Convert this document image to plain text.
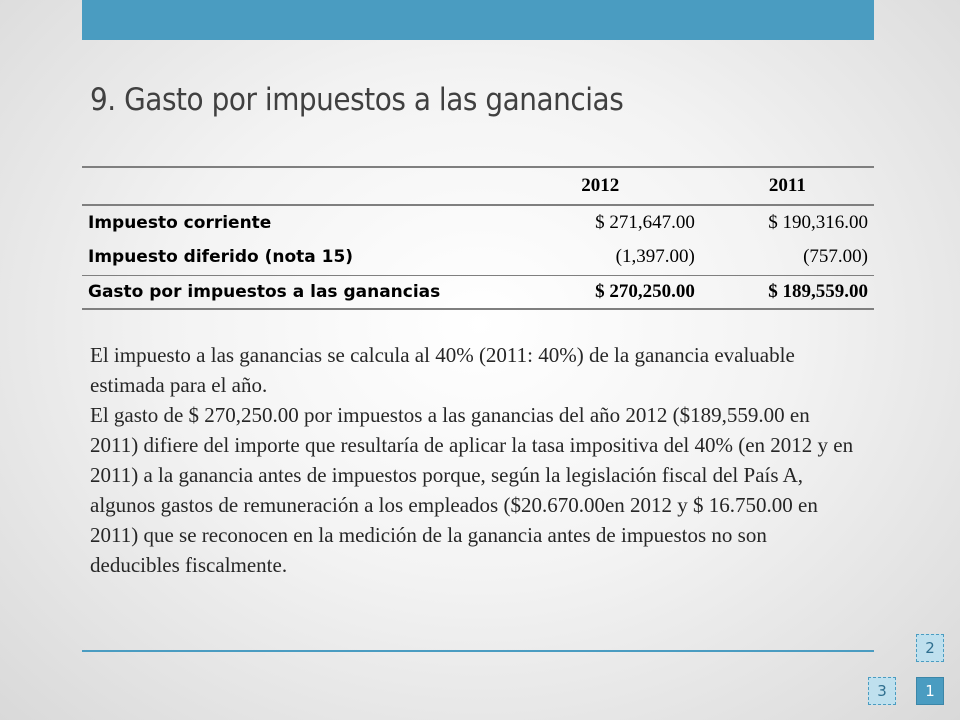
9. Gasto por impuestos a las ganancias
	2012	2011
Impuesto corriente	$ 271,647.00	$ 190,316.00
Impuesto diferido (nota 15)	(1,397.00)	(757.00)
Gasto por impuestos a las ganancias	$ 270,250.00	$ 189,559.00

El impuesto a las ganancias se calcula al 40% (2011: 40%) de la ganancia evaluable estimada para el año.

El gasto de $ 270,250.00 por impuestos a las ganancias del año 2012 ($189,559.00 en 2011) difiere del importe que resultaría de aplicar la tasa impositiva del 40% (en 2012 y en 2011) a la ganancia antes de impuestos porque, según la legislación fiscal del País A, algunos gastos de remuneración a los empleados ($20.670.00en 2012 y $ 16.750.00 en 2011) que se reconocen en la medición de la ganancia antes de impuestos no son deducibles fiscalmente.

2
3	1
